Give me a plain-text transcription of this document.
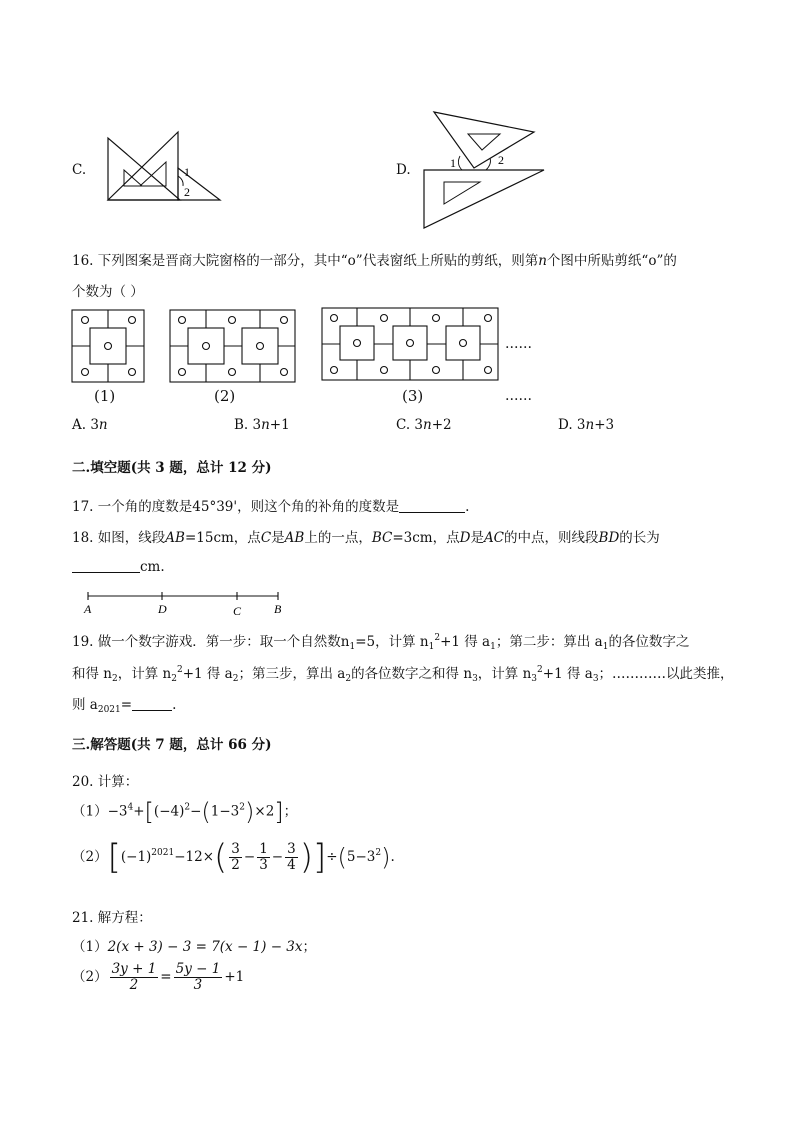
C.	1
2
D.	1	2
16. 下列图案是晋商大院窗格的一部分，其中“ο”代表窗纸上所贴的剪纸，则第n个图中所贴剪纸“ο”的
个数为（ ）
……
(1)	(2)	(3)	……
A. 3n	B. 3n+1	C. 3n+2	D. 3n+3
二.填空题(共 3 题，总计 12 分)
17. 一个角的度数是45°39'，则这个角的补角的度数是	.
18. 如图，线段AB=15cm，点C是AB上的一点，BC=3cm，点D是AC的中点，则线段BD的长为
cm.
A	D	C	B
19. 做一个数字游戏．第一步：取一个自然数$n_1=5$，计算 $n_1^2+1$ 得 $a_1$；第二步：算出 $a_1$的各位数字之
和得 $n_2$，计算 $n_2^2+1$ 得 $a_2$；第三步，算出 $a_2$的各位数字之和得 $n_3$，计算 $n_3^2+1$ 得 $a_3$；…………以此类推，
则 $a_{2021}=$	.
三.解答题(共 7 题，总计 66 分)
20. 计算：
$(1)-3^4+[(-4)^2-(1-3^2)\times 2]$；
$(2)[(-1)^{2021}-12\times( \frac{3}{2} - \frac{1}{3} - \frac{3}{4} )]\div(5-3^2)$.
21. 解方程：
（1）2(x + 3) − 3 = 7(x − 1) − 3x；
$(2) \frac{3y + 1}{2} = \frac{5y - 1}{3} +1$
